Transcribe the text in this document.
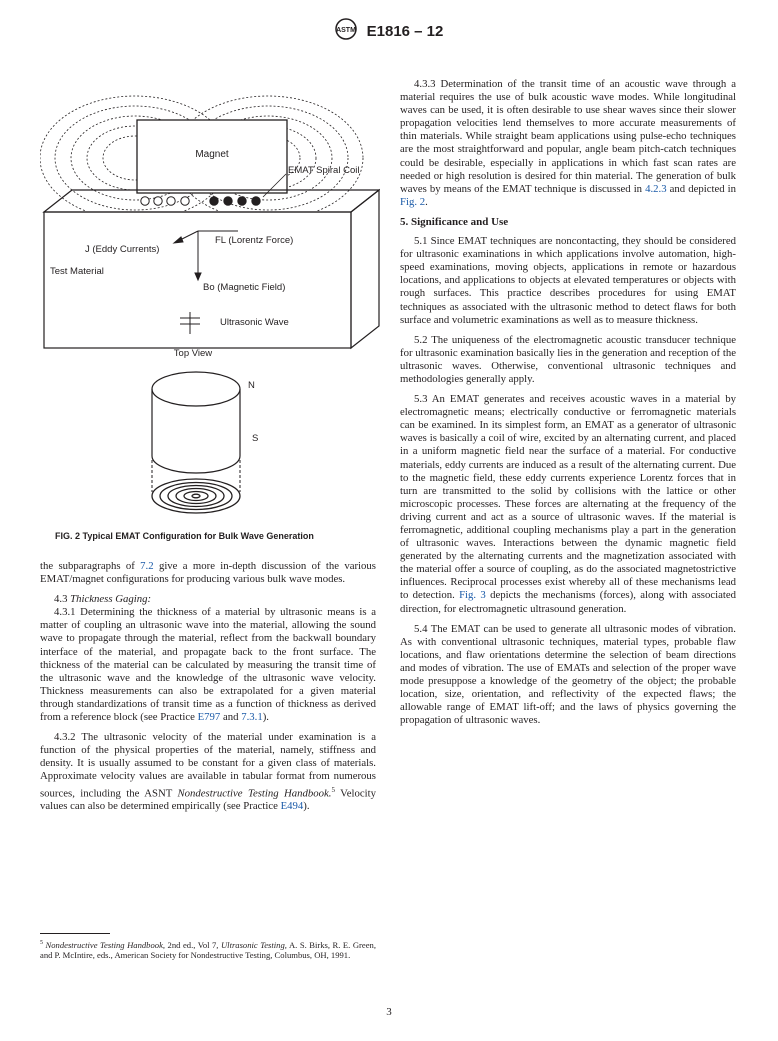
ASTM E1816 – 12
Magnet
EMAT Spiral Coil
J (Eddy Currents)
FL (Lorentz Force)
Test Material
Bo (Magnetic Field)
Ultrasonic Wave
Top View
N
S
FIG. 2 Typical EMAT Configuration for Bulk Wave Generation

the subparagraphs of 7.2 give a more in-depth discussion of the various EMAT/magnet configurations for producing various bulk wave modes.

4.3 Thickness Gaging:

4.3.1 Determining the thickness of a material by ultrasonic means is a matter of coupling an ultrasonic wave into the material, allowing the sound wave to propagate through the material, reflect from the backwall boundary interface of the material, and propagate back to the front surface. The thickness of the material can be calculated by measuring the transit time of the ultrasonic wave and the knowledge of the ultrasonic wave velocity. Thickness measurements can also be extrapolated for a given material through standardizations of transit time as a function of thickness as derived from a reference block (see Practice E797 and 7.3.1).

4.3.2 The ultrasonic velocity of the material under examination is a function of the physical properties of the material, namely, stiffness and density. It is usually assumed to be constant for a given class of materials. Approximate velocity values are available in tabular format from numerous sources, including the ASNT Nondestructive Testing Handbook.$^5$ Velocity values can also be determined empirically (see Practice E494).

$^5$ Nondestructive Testing Handbook, 2nd ed., Vol 7, Ultrasonic Testing, A. S. Birks, R. E. Green, and P. McIntire, eds., American Society for Nondestructive Testing, Columbus, OH, 1991.

4.3.3 Determination of the transit time of an acoustic wave through a material requires the use of bulk acoustic wave modes. While longitudinal waves can be used, it is often desirable to use shear waves since their slower propagation velocities lend themselves to more accurate measurements of thin materials. While straight beam applications using pulse-echo techniques are the most straightforward and popular, angle beam pitch-catch techniques could be desirable, especially in applications in which fast scan rates are needed or high resolution is desired for thin material. The generation of bulk waves by means of the EMAT technique is discussed in 4.2.3 and depicted in Fig. 2.

5. Significance and Use

5.1 Since EMAT techniques are noncontacting, they should be considered for ultrasonic examinations in which applications involve automation, high-speed examinations, moving objects, applications in remote or hazardous locations, and applications to objects at elevated temperatures or objects with rough surfaces. This practice describes procedures for using EMAT techniques as associated with the ultrasonic method to detect flaws for both surface and volumetric examinations as well as to measure thickness.

5.2 The uniqueness of the electromagnetic acoustic transducer technique for ultrasonic examination basically lies in the generation and reception of the ultrasonic waves. Otherwise, conventional ultrasonic techniques and methodologies generally apply.

5.3 An EMAT generates and receives acoustic waves in a material by electromagnetic means; electrically conductive or ferromagnetic materials can be examined. In its simplest form, an EMAT as a generator of ultrasonic waves is basically a coil of wire, excited by an alternating current, and placed in a uniform magnetic field near the surface of a material. For conductive materials, eddy currents are induced as a result of the alternating current. Due to the magnetic field, these eddy currents experience Lorentz forces that in turn are transmitted to the solid by collisions with the lattice or other microscopic processes. These forces are alternating at the frequency of the driving current and act as a source of ultrasonic waves. If the material is ferromagnetic, additional coupling mechanisms play a part in the generation of ultrasonic waves. Interactions between the dynamic magnetic field generated by the alternating currents and the magnetization associated with the material offer a source of coupling, as do the associated magnetostrictive influences. Reciprocal processes exist whereby all of these mechanisms lead to detection. Fig. 3 depicts the mechanisms (forces), along with associated direction, for electromagnetic ultrasound generation.

5.4 The EMAT can be used to generate all ultrasonic modes of vibration. As with conventional ultrasonic techniques, material types, probable flaw locations, and flaw orientations determine the selection of beam directions and modes of vibration. The use of EMATs and selection of the proper wave mode presuppose a knowledge of the geometry of the object; the probable location, size, orientation, and reflectivity of the expected flaws; the allowable range of EMAT lift-off; and the laws of physics governing the propagation of ultrasonic waves.

3
